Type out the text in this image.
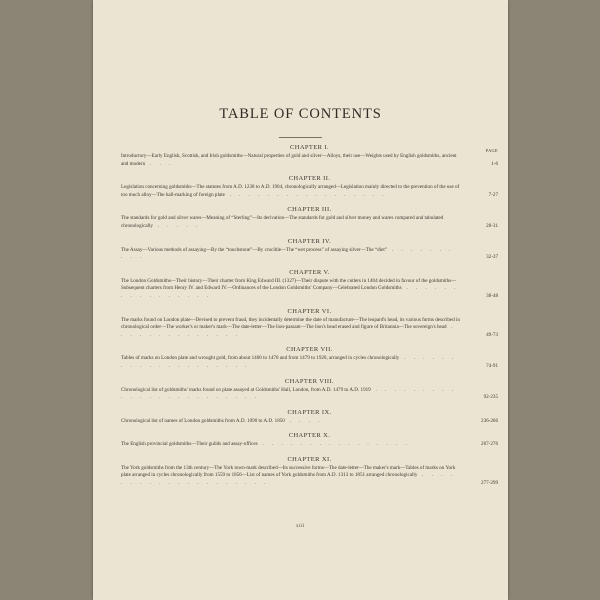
TABLE OF CONTENTS
PAGE
CHAPTER I.
Introductory—Early English, Scottish, and Irish goldsmiths—Natural properties of gold and silver—Alloys, their use—Weights used by English goldsmiths, ancient and modern . . .	1-6
CHAPTER II.
Legislation concerning goldsmiths—The statutes from A.D. 1238 to A.D. 1904, chronologically arranged—Legislation mainly directed to the prevention of the use of too much alloy—The hall-marking of foreign plate . . . . . . . . . . . . . . . . .	7-27
CHAPTER III.
The standards for gold and silver wares—Meaning of “Sterling”—Its derivation—The standards for gold and silver money and wares compared and tabulated chronologically . . . . .	28-31
CHAPTER IV.
The Assay—Various methods of assaying—By the “touchstone”—By crucible—The “wet process” of assaying silver—The “diet” . . . . . . . . . .	32-37
CHAPTER V.
The London Goldsmiths—Their history—Their charter from King Edward III. (1327)—Their dispute with the cutlers in 1404 decided in favour of the goldsmiths—Subsequent charters from Henry IV. and Edward IV.—Ordinances of the London Goldsmiths' Company—Celebrated London Goldsmiths . . . . . . . . . . . . . . . .	38-48
CHAPTER VI.
The marks found on London plate—Devised to prevent fraud, they incidentally determine the date of manufacture—The leopard's head, its various forms described in chronological order—The worker's or maker's mark—The date-letter—The lion-passant—The lion's head erased and figure of Britannia—The sovereign's head . . . . . . . . . . . . . .	49-73
CHAPTER VII.
Tables of marks on London plate and wrought gold, from about 1400 to 1478 and from 1479 to 1920, arranged in cycles chronologically . . . . . . . . . . . . . . . . . . . .	74-91
CHAPTER VIII.
Chronological list of goldsmiths' marks found on plate assayed at Goldsmiths' Hall, London, from A.D. 1479 to A.D. 1919 . . . . . . . . . . . . . . . . . . . . . . . .	92-235
CHAPTER IX.
Chronological list of names of London goldsmiths from A.D. 1090 to A.D. 1850 . . . .	236-266
CHAPTER X.
The English provincial goldsmiths—Their guilds and assay-offices . . . . . . . . . . . . . . . .	267-276
CHAPTER XI.
The York goldsmiths from the 13th century—The York town-mark described—Its successive forms—The date-letter—The maker's mark—Tables of marks on York plate arranged in cycles chronologically from 1559 to 1856—List of names of York goldsmiths from A.D. 1313 to 1851 arranged chronologically . . . . . . . . . . . . . . . . . . . .	277-299
xiii
